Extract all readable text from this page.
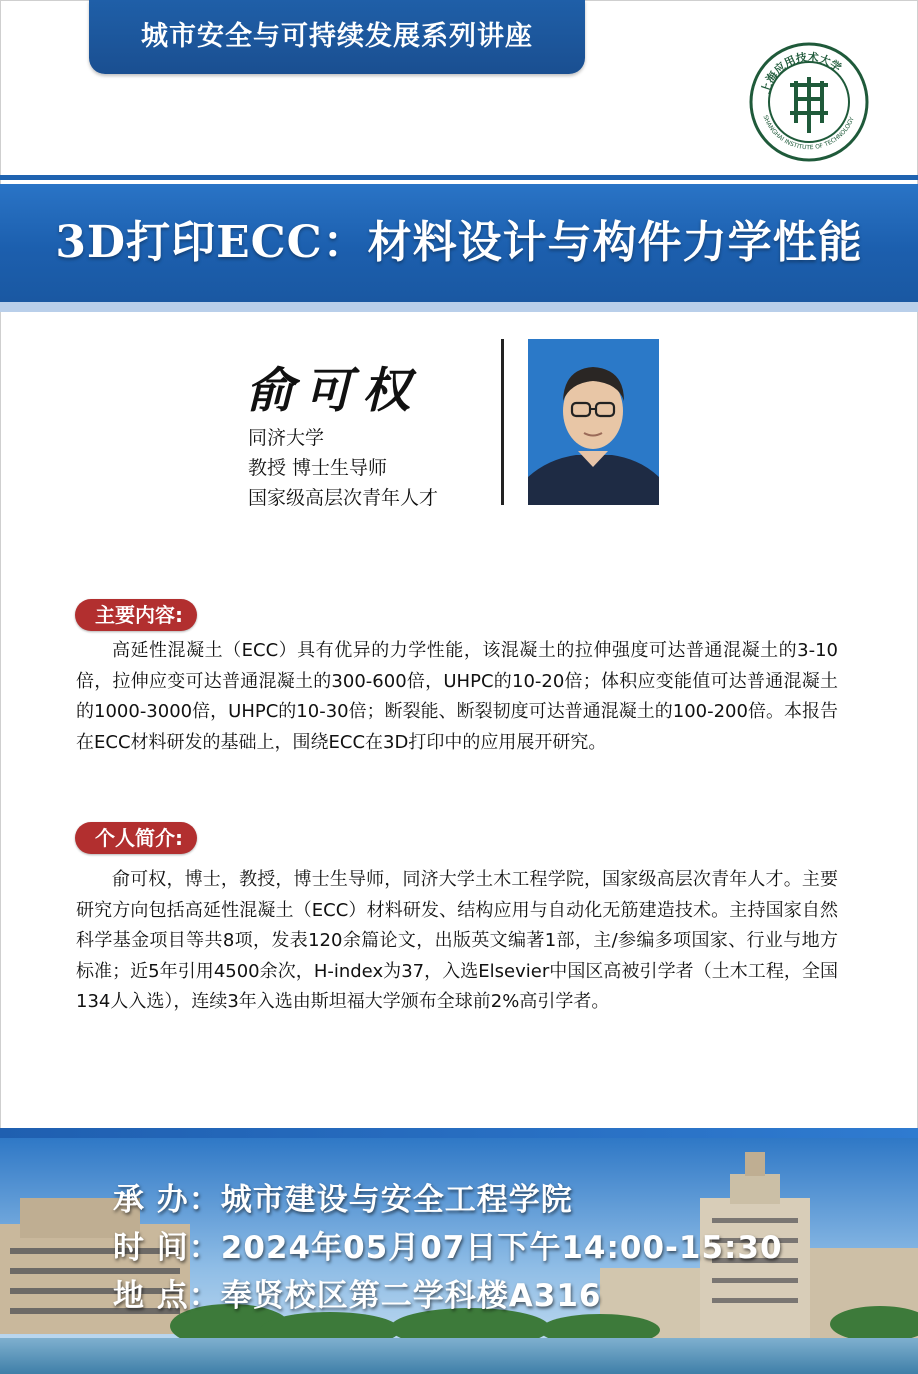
城市安全与可持续发展系列讲座
上海应用技术大学
SHANGHAI INSTITUTE OF TECHNOLOGY
3D打印ECC：材料设计与构件力学性能
俞可权
同济大学
教授 博士生导师
国家级高层次青年人才
主要内容:
高延性混凝土（ECC）具有优异的力学性能，该混凝土的拉伸强度可达普通混凝土的3-10倍，拉伸应变可达普通混凝土的300-600倍，UHPC的10-20倍；体积应变能值可达普通混凝土的1000-3000倍，UHPC的10-30倍；断裂能、断裂韧度可达普通混凝土的100-200倍。本报告在ECC材料研发的基础上，围绕ECC在3D打印中的应用展开研究。
个人简介:
俞可权，博士，教授，博士生导师，同济大学土木工程学院，国家级高层次青年人才。主要研究方向包括高延性混凝土（ECC）材料研发、结构应用与自动化无筋建造技术。主持国家自然科学基金项目等共8项，发表120余篇论文，出版英文编著1部，主/参编多项国家、行业与地方标准；近5年引用4500余次，H-index为37，入选Elsevier中国区高被引学者（土木工程，全国134人入选），连续3年入选由斯坦福大学颁布全球前2%高引学者。
承 办：城市建设与安全工程学院
时 间：2024年05月07日下午14:00-15:30
地 点：奉贤校区第二学科楼A316
